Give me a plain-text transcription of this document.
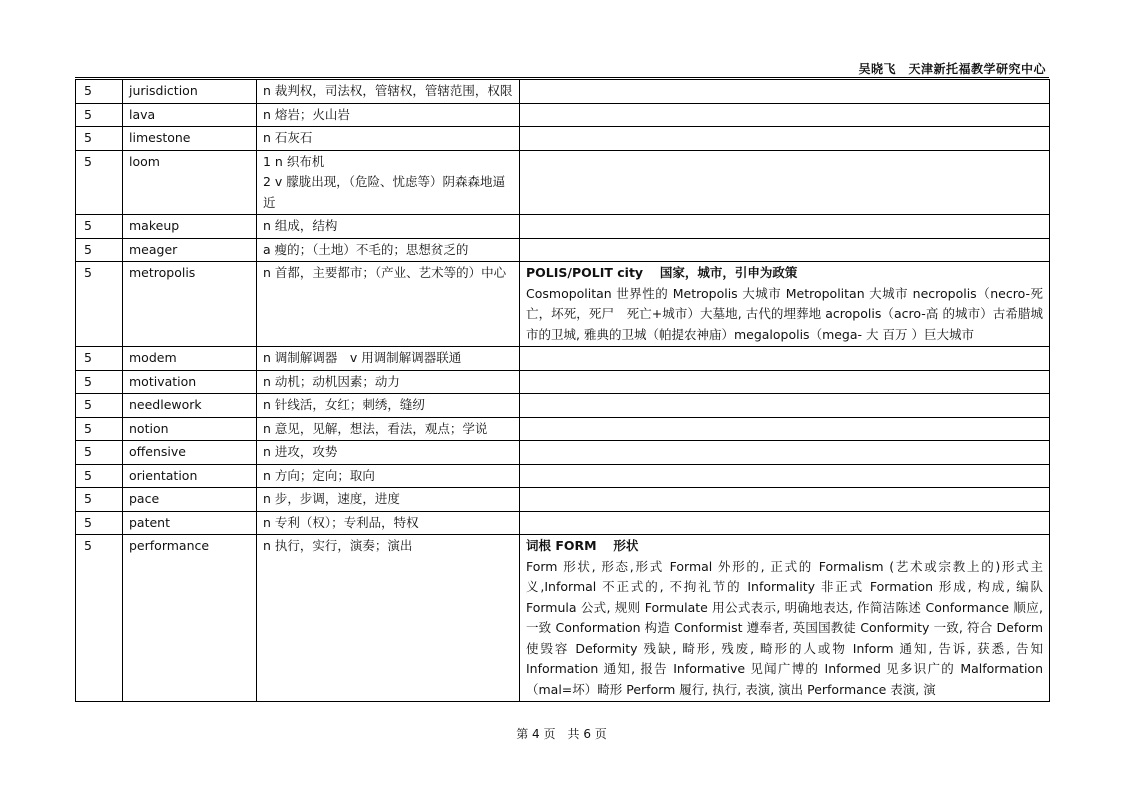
吴晓飞　天津新托福教学研究中心
5	jurisdiction	n 裁判权，司法权，管辖权，管辖范围，权限	

5	lava	n 熔岩；火山岩	

5	limestone	n 石灰石	

5	loom	1 n 织布机
2 v 朦胧出现，（危险、忧虑等）阴森森地逼近	

5	makeup	n 组成，结构	

5	meager	a 瘦的；（土地）不毛的；思想贫乏的	

5	metropolis	n 首都，主要都市；（产业、艺术等的）中心	POLIS/POLIT city　 国家，城市，引申为政策
Cosmopolitan 世界性的 Metropolis 大城市 Metropolitan 大城市 necropolis（necro-死亡，坏死，死尸　死亡+城市）大墓地, 古代的埋葬地 acropolis（acro-高 的城市）古希腊城市的卫城, 雅典的卫城（帕提农神庙）megalopolis（mega- 大 百万 ）巨大城市

5	modem	n 调制解调器　v 用调制解调器联通	

5	motivation	n 动机；动机因素；动力	

5	needlework	n 针线活，女红；刺绣，缝纫	

5	notion	n 意见，见解，想法，看法，观点；学说	

5	offensive	n 进攻，攻势	

5	orientation	n 方向；定向；取向	

5	pace	n 步，步调，速度，进度	

5	patent	n 专利（权）；专利品，特权	

5	performance	n 执行，实行，演奏；演出	词根 FORM　 形状
Form 形状, 形态,形式 Formal 外形的, 正式的 Formalism (艺术或宗教上的)形式主义,Informal 不正式的, 不拘礼节的 Informality 非正式 Formation 形成, 构成, 编队 Formula 公式, 规则 Formulate 用公式表示, 明确地表达, 作简洁陈述 Conformance 顺应, 一致 Conformation 构造 Conformist 遵奉者, 英国国教徒 Conformity 一致, 符合 Deform 使毁容 Deformity 残缺, 畸形, 残废, 畸形的人或物 Inform 通知, 告诉, 获悉, 告知 Information 通知, 报告 Informative 见闻广博的 Informed 见多识广的 Malformation（mal=坏）畸形 Perform 履行, 执行, 表演, 演出 Performance 表演, 演
第 4 页　共 6 页
